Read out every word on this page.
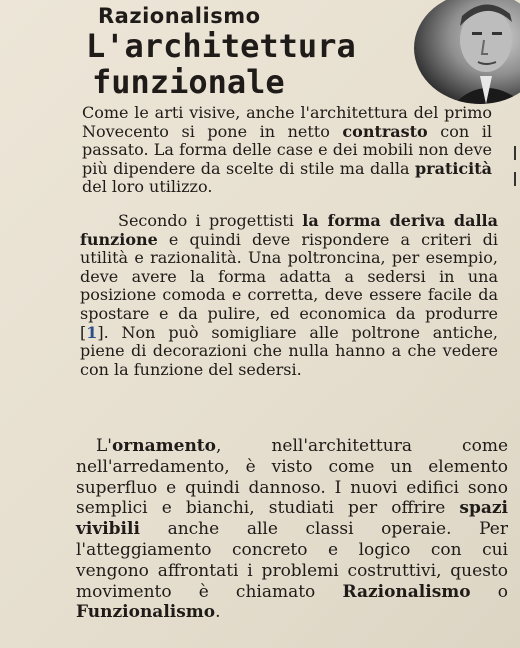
Razionalismo
L'architettura
funzionale

Come le arti visive, anche l'architettura del primo Novecento si pone in netto contrasto con il passato. La forma delle case e dei mobili non deve più dipendere da scelte di stile ma dalla praticità del loro utilizzo.

Secondo i progettisti la forma deriva dalla funzione e quindi deve rispondere a criteri di utilità e razionalità. Una poltroncina, per esempio, deve avere la forma adatta a sedersi in una posizione comoda e corretta, deve essere facile da spostare e da pulire, ed economica da produrre [1]. Non può somigliare alle poltrone antiche, piene di decorazioni che nulla hanno a che vedere con la funzione del sedersi.

L'ornamento, nell'architettura come nell'arredamento, è visto come un elemento superfluo e quindi dannoso. I nuovi edifici sono semplici e bianchi, studiati per offrire spazi vivibili anche alle classi operaie. Per l'atteggiamento concreto e logico con cui vengono affrontati i problemi costruttivi, questo movimento è chiamato Razionalismo o Funzionalismo.
